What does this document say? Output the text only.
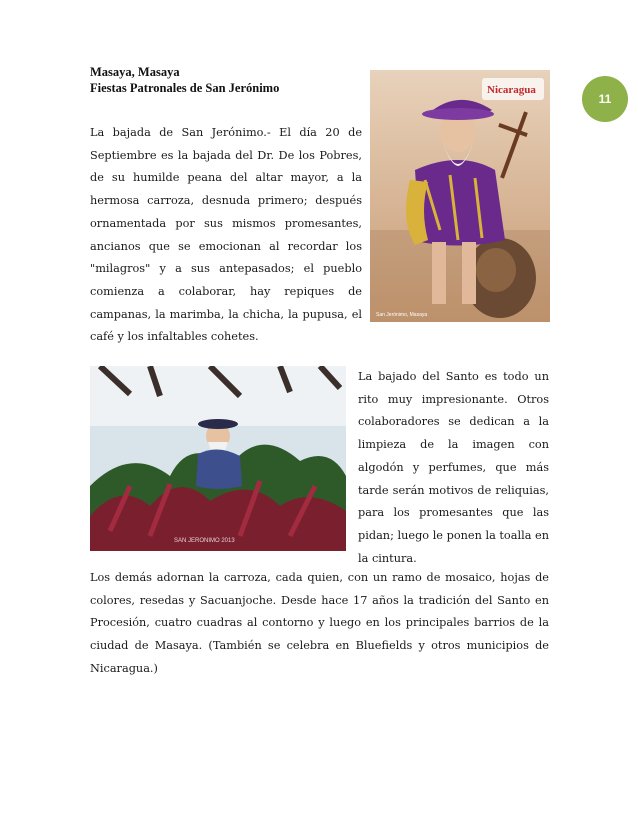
11
Masaya, Masaya
Fiestas Patronales de San Jerónimo
La bajada de San Jerónimo.- El día 20 de Septiembre es la bajada del Dr. De los Pobres, de su humilde peana del altar mayor, a la hermosa carroza, desnuda primero; después ornamentada por sus mismos promesantes, ancianos que se emocionan al recordar los "milagros" y a sus antepasados; el pueblo comienza a colaborar, hay repiques de campanas, la marimba, la chicha, la pupusa, el café y los infaltables cohetes.
Nicaragua
San Jerónimo, Masaya
SAN JERÓNIMO 2013
La bajado del Santo es todo un rito muy impresionante. Otros colaboradores se dedican a la limpieza de la imagen con algodón y perfumes, que más tarde serán motivos de reliquias, para los promesantes que las pidan; luego le ponen la toalla en la cintura.
Los demás adornan la carroza, cada quien, con un ramo de mosaico, hojas de colores, resedas y Sacuanjoche. Desde hace 17 años la tradición del Santo en Procesión, cuatro cuadras al contorno y luego en los principales barrios de la ciudad de Masaya. (También se celebra en Bluefields y otros municipios de Nicaragua.)
